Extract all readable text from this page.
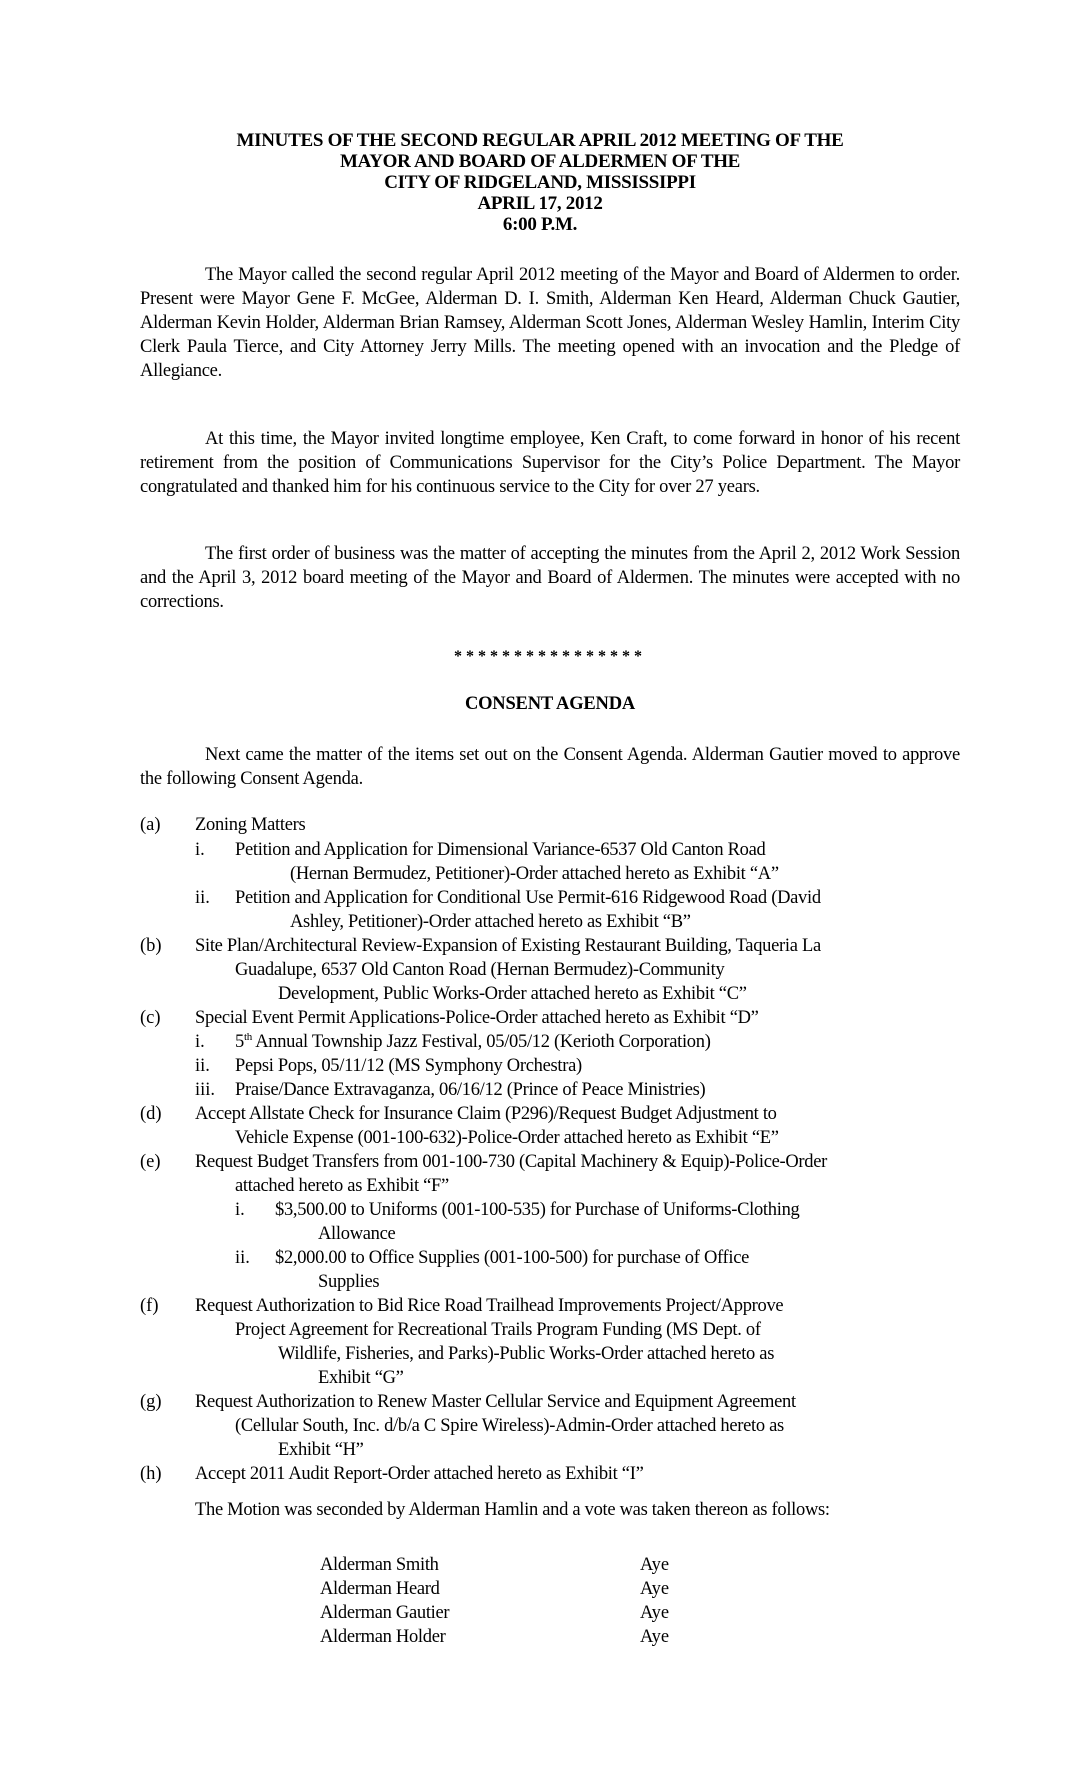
MINUTES OF THE SECOND REGULAR APRIL 2012 MEETING OF THE
MAYOR AND BOARD OF ALDERMEN OF THE
CITY OF RIDGELAND, MISSISSIPPI
APRIL 17, 2012
6:00 P.M.

The Mayor called the second regular April 2012 meeting of the Mayor and Board of Aldermen to order. Present were Mayor Gene F. McGee, Alderman D. I. Smith, Alderman Ken Heard, Alderman Chuck Gautier, Alderman Kevin Holder, Alderman Brian Ramsey, Alderman Scott Jones, Alderman Wesley Hamlin, Interim City Clerk Paula Tierce, and City Attorney Jerry Mills. The meeting opened with an invocation and the Pledge of Allegiance.

At this time, the Mayor invited longtime employee, Ken Craft, to come forward in honor of his recent retirement from the position of Communications Supervisor for the City’s Police Department. The Mayor congratulated and thanked him for his continuous service to the City for over 27 years.

The first order of business was the matter of accepting the minutes from the April 2, 2012 Work Session and the April 3, 2012 board meeting of the Mayor and Board of Aldermen. The minutes were accepted with no corrections.

****************
CONSENT AGENDA

Next came the matter of the items set out on the Consent Agenda. Alderman Gautier moved to approve the following Consent Agenda.

(a) Zoning Matters
i. Petition and Application for Dimensional Variance-6537 Old Canton Road
(Hernan Bermudez, Petitioner)-Order attached hereto as Exhibit “A”
ii. Petition and Application for Conditional Use Permit-616 Ridgewood Road (David
Ashley, Petitioner)-Order attached hereto as Exhibit “B”
(b) Site Plan/Architectural Review-Expansion of Existing Restaurant Building, Taqueria La
Guadalupe, 6537 Old Canton Road (Hernan Bermudez)-Community
Development, Public Works-Order attached hereto as Exhibit “C”
(c) Special Event Permit Applications-Police-Order attached hereto as Exhibit “D”
i. 5th Annual Township Jazz Festival, 05/05/12 (Kerioth Corporation)
ii. Pepsi Pops, 05/11/12 (MS Symphony Orchestra)
iii. Praise/Dance Extravaganza, 06/16/12 (Prince of Peace Ministries)
(d) Accept Allstate Check for Insurance Claim (P296)/Request Budget Adjustment to
Vehicle Expense (001-100-632)-Police-Order attached hereto as Exhibit “E”
(e) Request Budget Transfers from 001-100-730 (Capital Machinery & Equip)-Police-Order
attached hereto as Exhibit “F”
i. $3,500.00 to Uniforms (001-100-535) for Purchase of Uniforms-Clothing
Allowance
ii. $2,000.00 to Office Supplies (001-100-500) for purchase of Office
Supplies
(f) Request Authorization to Bid Rice Road Trailhead Improvements Project/Approve
Project Agreement for Recreational Trails Program Funding (MS Dept. of
Wildlife, Fisheries, and Parks)-Public Works-Order attached hereto as
Exhibit “G”
(g) Request Authorization to Renew Master Cellular Service and Equipment Agreement
(Cellular South, Inc. d/b/a C Spire Wireless)-Admin-Order attached hereto as
Exhibit “H”
(h) Accept 2011 Audit Report-Order attached hereto as Exhibit “I”
The Motion was seconded by Alderman Hamlin and a vote was taken thereon as follows:
Alderman Smith	Aye
Alderman Heard	Aye
Alderman Gautier	Aye
Alderman Holder	Aye
